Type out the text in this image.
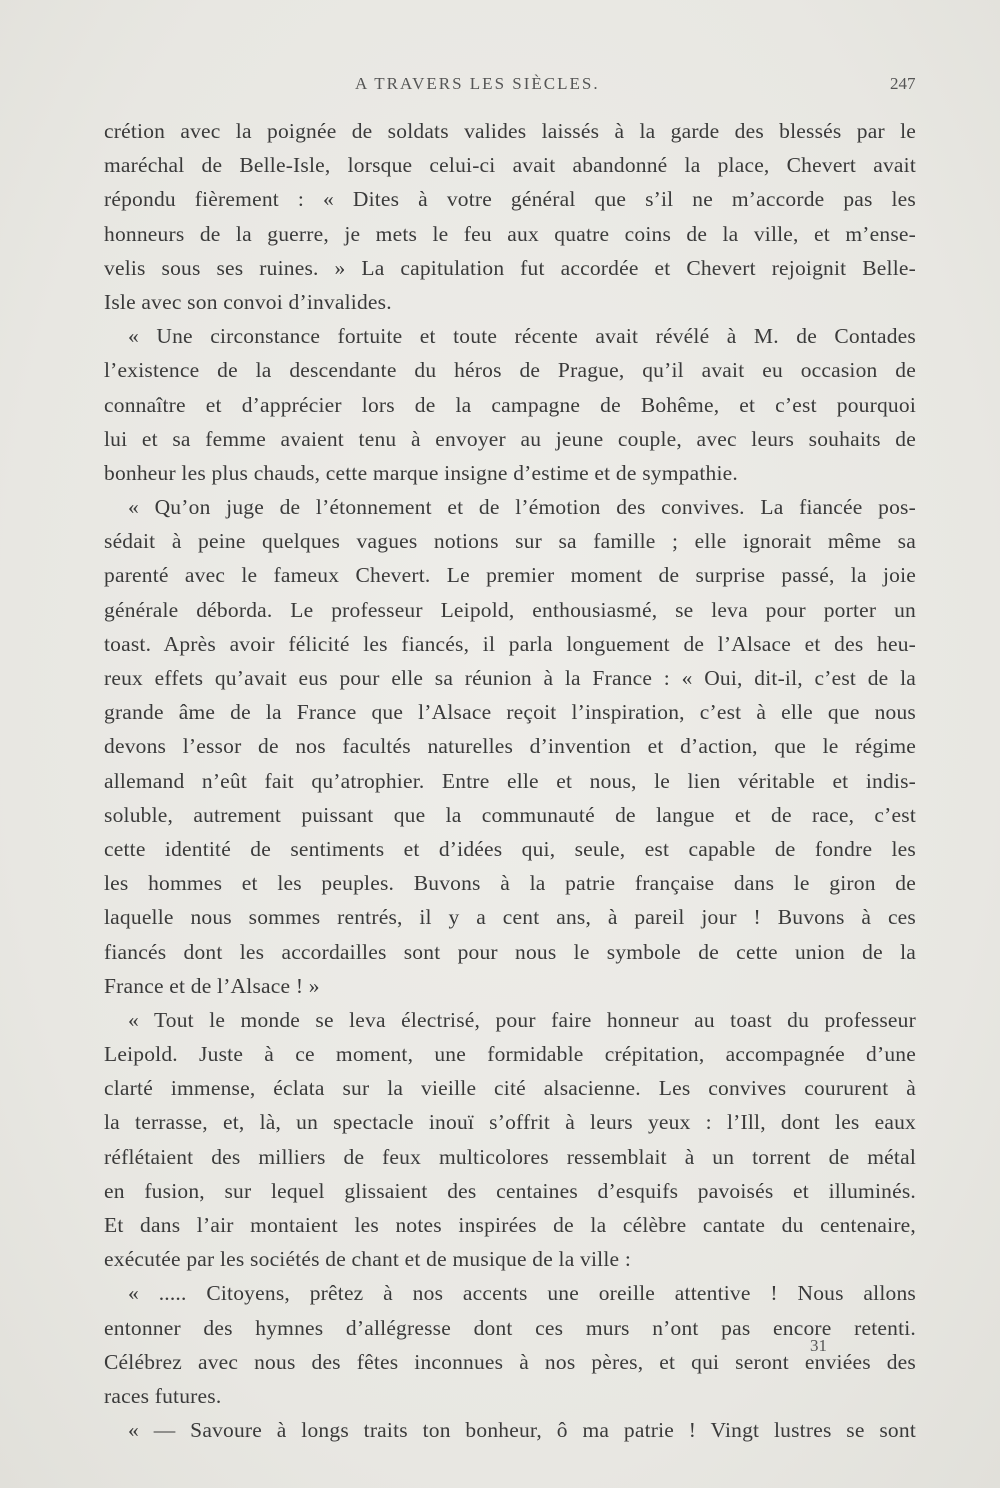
A TRAVERS LES SIÈCLES.	247
crétion avec la poignée de soldats valides laissés à la garde des blessés par le
maréchal de Belle-Isle, lorsque celui-ci avait abandonné la place, Chevert avait
répondu fièrement : « Dites à votre général que s’il ne m’accorde pas les
honneurs de la guerre, je mets le feu aux quatre coins de la ville, et m’ense-
velis sous ses ruines. » La capitulation fut accordée et Chevert rejoignit Belle-
Isle avec son convoi d’invalides.
« Une circonstance fortuite et toute récente avait révélé à M. de Contades
l’existence de la descendante du héros de Prague, qu’il avait eu occasion de
connaître et d’apprécier lors de la campagne de Bohême, et c’est pourquoi
lui et sa femme avaient tenu à envoyer au jeune couple, avec leurs souhaits de
bonheur les plus chauds, cette marque insigne d’estime et de sympathie.
« Qu’on juge de l’étonnement et de l’émotion des convives. La fiancée pos-
sédait à peine quelques vagues notions sur sa famille ; elle ignorait même sa
parenté avec le fameux Chevert. Le premier moment de surprise passé, la joie
générale déborda. Le professeur Leipold, enthousiasmé, se leva pour porter un
toast. Après avoir félicité les fiancés, il parla longuement de l’Alsace et des heu-
reux effets qu’avait eus pour elle sa réunion à la France : « Oui, dit-il, c’est de la
grande âme de la France que l’Alsace reçoit l’inspiration, c’est à elle que nous
devons l’essor de nos facultés naturelles d’invention et d’action, que le régime
allemand n’eût fait qu’atrophier. Entre elle et nous, le lien véritable et indis-
soluble, autrement puissant que la communauté de langue et de race, c’est
cette identité de sentiments et d’idées qui, seule, est capable de fondre les
les hommes et les peuples. Buvons à la patrie française dans le giron de
laquelle nous sommes rentrés, il y a cent ans, à pareil jour ! Buvons à ces
fiancés dont les accordailles sont pour nous le symbole de cette union de la
France et de l’Alsace ! »
« Tout le monde se leva électrisé, pour faire honneur au toast du professeur
Leipold. Juste à ce moment, une formidable crépitation, accompagnée d’une
clarté immense, éclata sur la vieille cité alsacienne. Les convives coururent à
la terrasse, et, là, un spectacle inouï s’offrit à leurs yeux : l’Ill, dont les eaux
réflétaient des milliers de feux multicolores ressemblait à un torrent de métal
en fusion, sur lequel glissaient des centaines d’esquifs pavoisés et illuminés.
Et dans l’air montaient les notes inspirées de la célèbre cantate du centenaire,
exécutée par les sociétés de chant et de musique de la ville :
« ..... Citoyens, prêtez à nos accents une oreille attentive ! Nous allons
entonner des hymnes d’allégresse dont ces murs n’ont pas encore retenti.
Célébrez avec nous des fêtes inconnues à nos pères, et qui seront enviées des
races futures.
« — Savoure à longs traits ton bonheur, ô ma patrie ! Vingt lustres se sont
31
